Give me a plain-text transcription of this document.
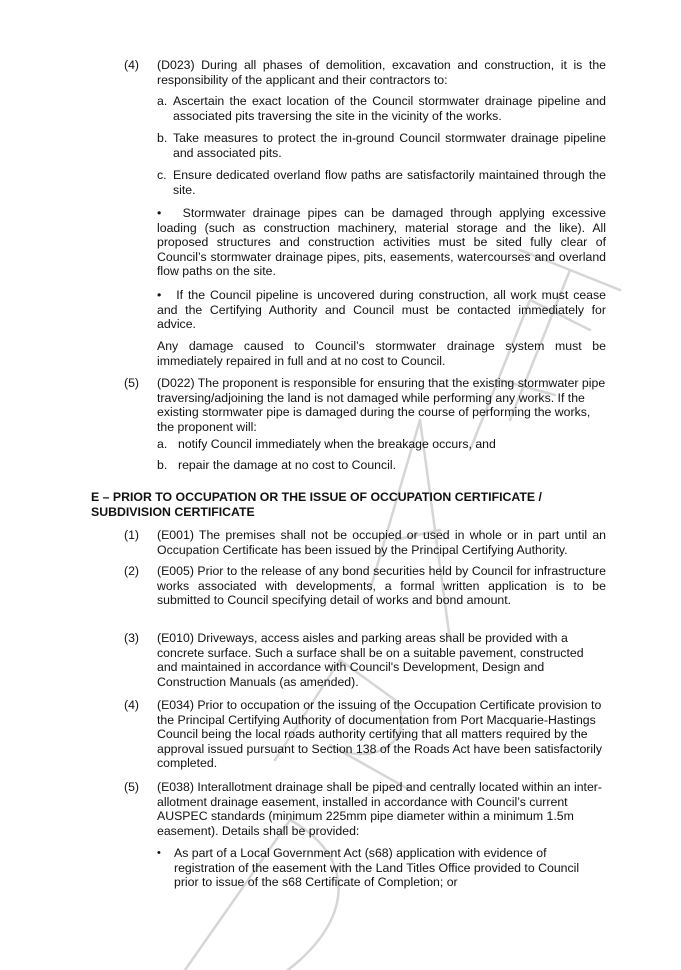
(4) (D023) During all phases of demolition, excavation and construction, it is the responsibility of the applicant and their contractors to:

a. Ascertain the exact location of the Council stormwater drainage pipeline and associated pits traversing the site in the vicinity of the works.

b. Take measures to protect the in-ground Council stormwater drainage pipeline and associated pits.

c. Ensure dedicated overland flow paths are satisfactorily maintained through the site.

• Stormwater drainage pipes can be damaged through applying excessive loading (such as construction machinery, material storage and the like). All proposed structures and construction activities must be sited fully clear of Council’s stormwater drainage pipes, pits, easements, watercourses and overland flow paths on the site.

• If the Council pipeline is uncovered during construction, all work must cease and the Certifying Authority and Council must be contacted immediately for advice.

Any damage caused to Council’s stormwater drainage system must be immediately repaired in full and at no cost to Council.

(5) (D022) The proponent is responsible for ensuring that the existing stormwater pipe traversing/adjoining the land is not damaged while performing any works. If the existing stormwater pipe is damaged during the course of performing the works, the proponent will:

a. notify Council immediately when the breakage occurs, and

b. repair the damage at no cost to Council.

E – PRIOR TO OCCUPATION OR THE ISSUE OF OCCUPATION CERTIFICATE / SUBDIVISION CERTIFICATE

(1) (E001) The premises shall not be occupied or used in whole or in part until an Occupation Certificate has been issued by the Principal Certifying Authority.

(2) (E005) Prior to the release of any bond securities held by Council for infrastructure works associated with developments, a formal written application is to be submitted to Council specifying detail of works and bond amount.

(3) (E010) Driveways, access aisles and parking areas shall be provided with a concrete surface. Such a surface shall be on a suitable pavement, constructed and maintained in accordance with Council's Development, Design and Construction Manuals (as amended).

(4) (E034) Prior to occupation or the issuing of the Occupation Certificate provision to the Principal Certifying Authority of documentation from Port Macquarie-Hastings Council being the local roads authority certifying that all matters required by the approval issued pursuant to Section 138 of the Roads Act have been satisfactorily completed.

(5) (E038) Interallotment drainage shall be piped and centrally located within an inter-allotment drainage easement, installed in accordance with Council’s current AUSPEC standards (minimum 225mm pipe diameter within a minimum 1.5m easement). Details shall be provided:

• As part of a Local Government Act (s68) application with evidence of registration of the easement with the Land Titles Office provided to Council prior to issue of the s68 Certificate of Completion; or
